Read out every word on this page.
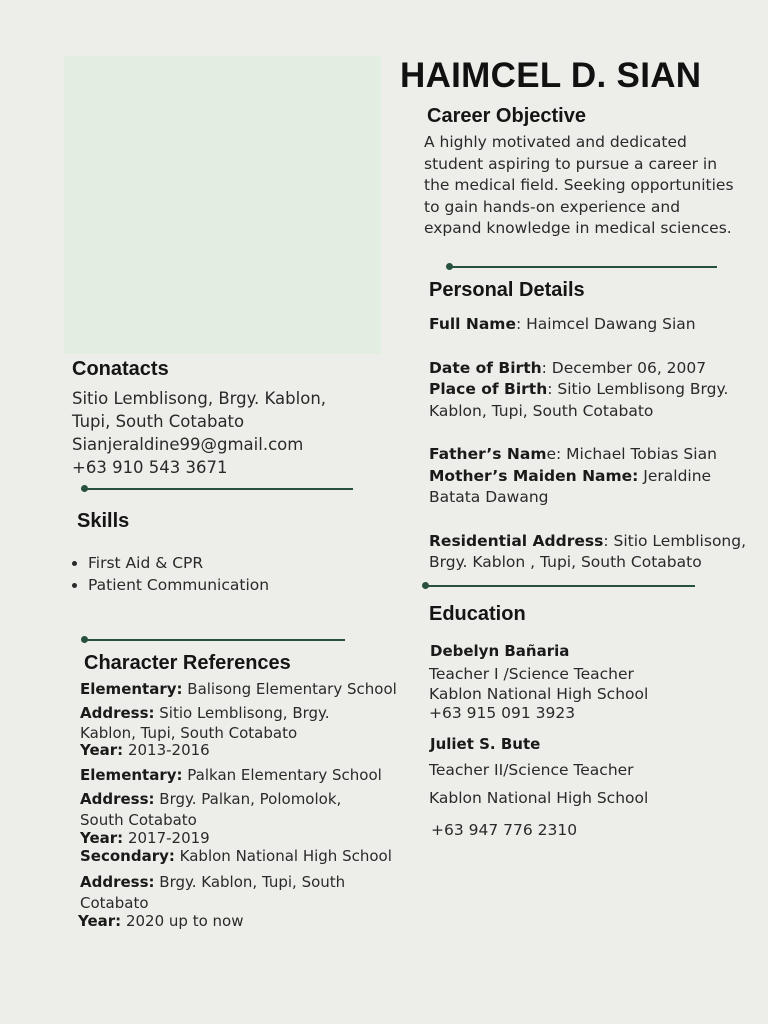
HAIMCEL D. SIAN
Career Objective
A highly motivated and dedicated
student aspiring to pursue a career in
the medical field. Seeking opportunities
to gain hands-on experience and
expand knowledge in medical sciences.
Personal Details
Full Name: Haimcel Dawang Sian
Date of Birth: December 06, 2007
Place of Birth: Sitio Lemblisong Brgy.
Kablon, Tupi, South Cotabato
Father’s Name: Michael Tobias Sian
Mother’s Maiden Name: Jeraldine
Batata Dawang
Residential Address: Sitio Lemblisong,
Brgy. Kablon , Tupi, South Cotabato
Education
Debelyn Bañaria
Teacher I /Science Teacher
Kablon National High School
+63 915 091 3923
Juliet S. Bute
Teacher II/Science Teacher
Kablon National High School
+63 947 776 2310
Conatacts
Sitio Lemblisong, Brgy. Kablon,
Tupi, South Cotabato
Sianjeraldine99@gmail.com
+63 910 543 3671
Skills
• First Aid & CPR
• Patient Communication
Character References
Elementary: Balisong Elementary School
Address: Sitio Lemblisong, Brgy.
Kablon, Tupi, South Cotabato
Year: 2013-2016
Elementary: Palkan Elementary School
Address: Brgy. Palkan, Polomolok,
South Cotabato
Year: 2017-2019
Secondary: Kablon National High School
Address: Brgy. Kablon, Tupi, South
Cotabato
Year: 2020 up to now
